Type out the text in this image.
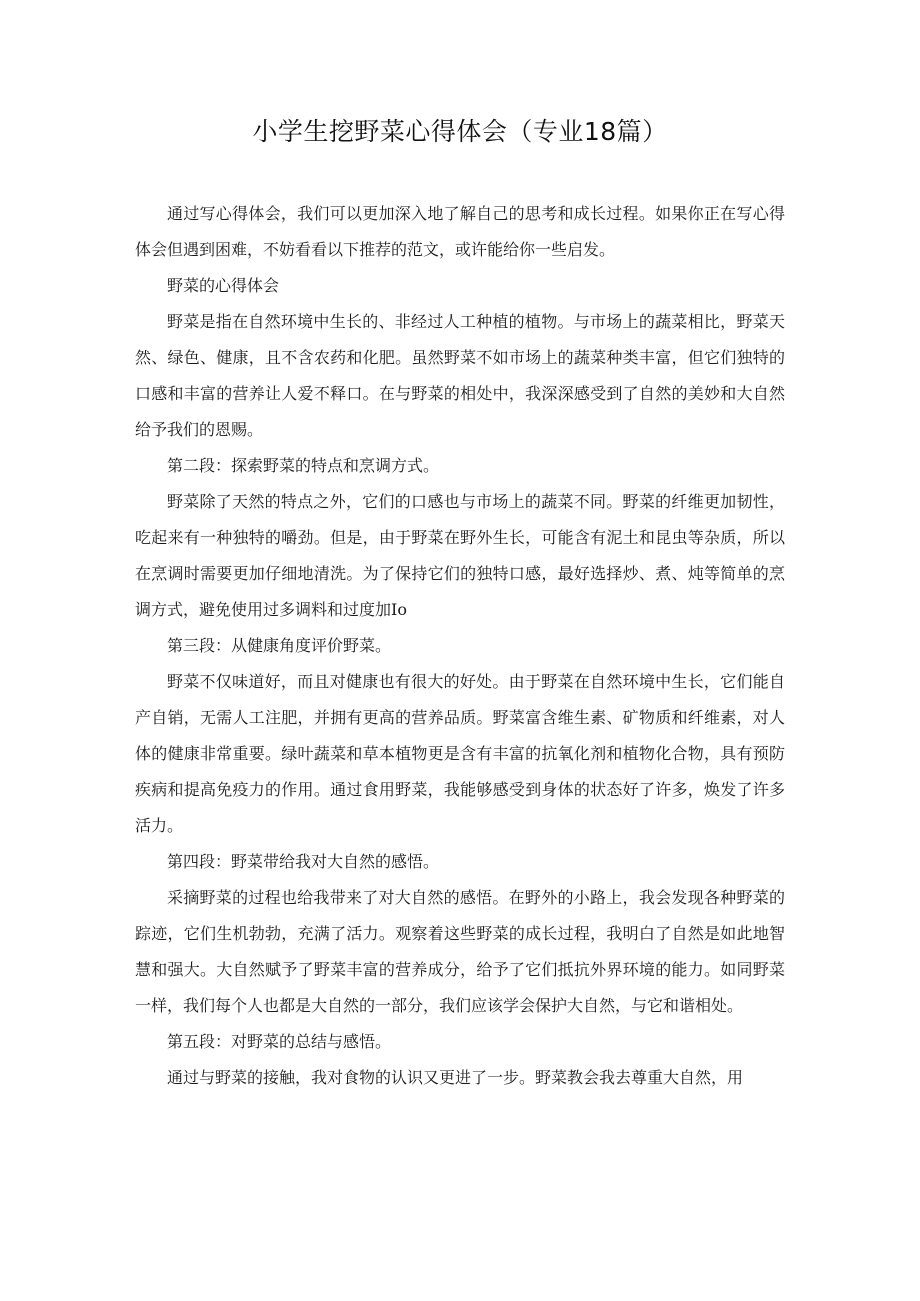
小学生挖野菜心得体会（专业18篇）

通过写心得体会，我们可以更加深入地了解自己的思考和成长过程。如果你正在写心得体会但遇到困难，不妨看看以下推荐的范文，或许能给你一些启发。

野菜的心得体会

野菜是指在自然环境中生长的、非经过人工种植的植物。与市场上的蔬菜相比，野菜天然、绿色、健康，且不含农药和化肥。虽然野菜不如市场上的蔬菜种类丰富，但它们独特的口感和丰富的营养让人爱不释口。在与野菜的相处中，我深深感受到了自然的美妙和大自然给予我们的恩赐。

第二段：探索野菜的特点和烹调方式。

野菜除了天然的特点之外，它们的口感也与市场上的蔬菜不同。野菜的纤维更加韧性，吃起来有一种独特的嚼劲。但是，由于野菜在野外生长，可能含有泥土和昆虫等杂质，所以在烹调时需要更加仔细地清洗。为了保持它们的独特口感，最好选择炒、煮、炖等简单的烹调方式，避免使用过多调料和过度加Io

第三段：从健康角度评价野菜。

野菜不仅味道好，而且对健康也有很大的好处。由于野菜在自然环境中生长，它们能自产自销，无需人工注肥，并拥有更高的营养品质。野菜富含维生素、矿物质和纤维素，对人体的健康非常重要。绿叶蔬菜和草本植物更是含有丰富的抗氧化剂和植物化合物，具有预防疾病和提高免疫力的作用。通过食用野菜，我能够感受到身体的状态好了许多，焕发了许多活力。

第四段：野菜带给我对大自然的感悟。

采摘野菜的过程也给我带来了对大自然的感悟。在野外的小路上，我会发现各种野菜的踪迹，它们生机勃勃，充满了活力。观察着这些野菜的成长过程，我明白了自然是如此地智慧和强大。大自然赋予了野菜丰富的营养成分，给予了它们抵抗外界环境的能力。如同野菜一样，我们每个人也都是大自然的一部分，我们应该学会保护大自然，与它和谐相处。

第五段：对野菜的总结与感悟。

通过与野菜的接触，我对食物的认识又更进了一步。野菜教会我去尊重大自然，用
